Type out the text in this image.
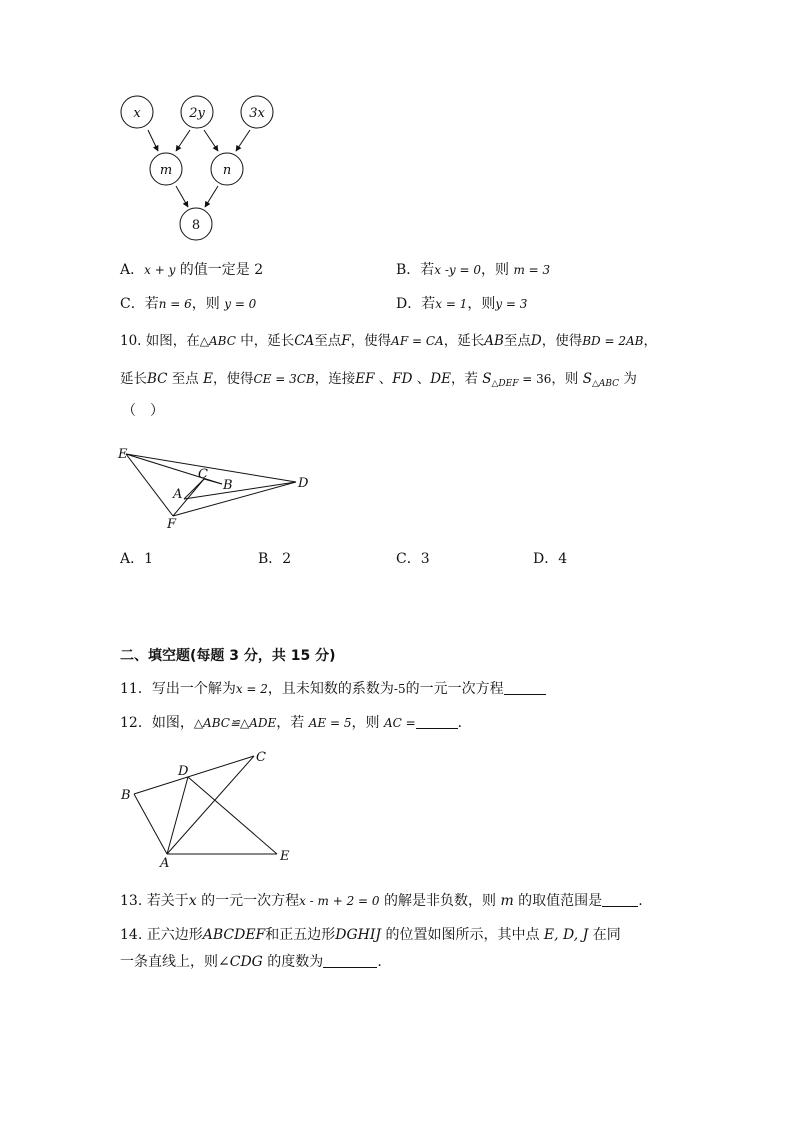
x	2y	3x
m	n
8
A．x + y 的值一定是 2	B．若x -y = 0，则 m = 3
C．若n = 6，则 y = 0	D．若x = 1，则y = 3
10. 如图，在△ABC 中，延长CA至点F，使得AF = CA，延长AB至点D，使得BD = 2AB，
延长BC 至点 E，使得CE = 3CB，连接EF 、FD 、DE，若 $S_{\triangle DEF} = 36$，则 $S_{\triangle ABC}$ 为
（　）
E
C
B	D
A
F
A．1	B．2	C．3	D．4
二、填空题(每题 3 分，共 15 分)
11．写出一个解为x = 2，且未知数的系数为-5的一元一次方程
12．如图，△ABC≌△ADE，若 AE = 5，则 AC =	．
B
D
C
A	E
13. 若关于x 的一元一次方程x - m + 2 = 0 的解是非负数，则 m 的取值范围是	.
14. 正六边形ABCDEF和正五边形DGHIJ 的位置如图所示，其中点 E, D, J 在同
一条直线上，则∠CDG 的度数为	.
